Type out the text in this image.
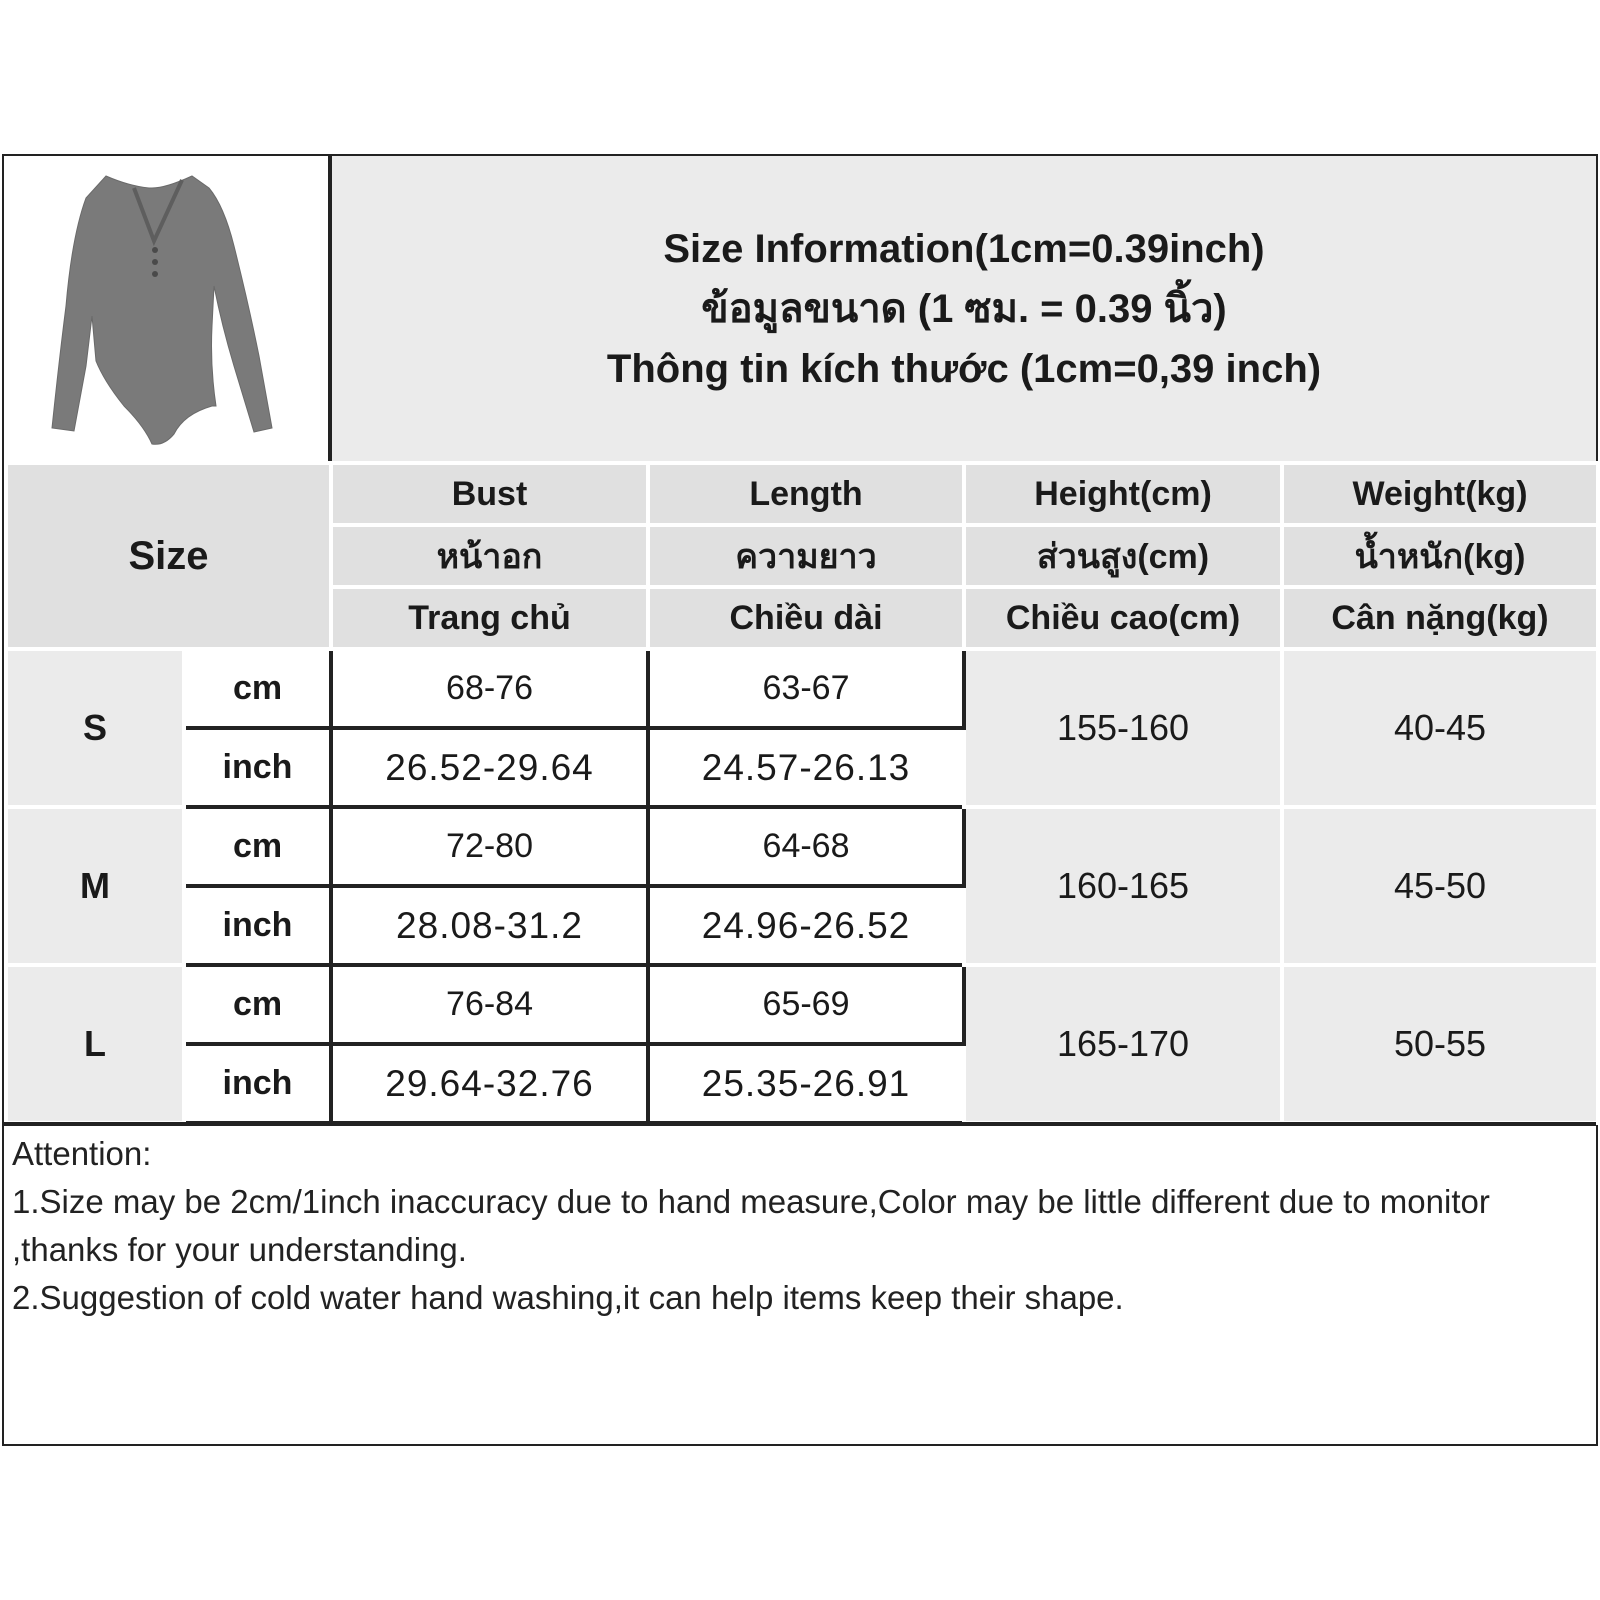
Size Information(1cm=0.39inch)
ข้อมูลขนาด (1 ซม. = 0.39 นิ้ว)
Thông tin kích thước (1cm=0,39 inch)
Size		Bust	Length	Height(cm)	Weight(kg)
		หน้าอก	ความยาว	ส่วนสูง(cm)	น้ำหนัก(kg)
		Trang chủ	Chiều dài	Chiều cao(cm)	Cân nặng(kg)
S	cm	68-76	63-67	155-160	40-45
	inch	26.52-29.64	24.57-26.13		
M	cm	72-80	64-68	160-165	45-50
	inch	28.08-31.2	24.96-26.52		
L	cm	76-84	65-69	165-170	50-55
	inch	29.64-32.76	25.35-26.91		

Attention:

1.Size may be 2cm/1inch inaccuracy due to hand measure,Color may be little different due to monitor ,thanks for your understanding.

2.Suggestion of cold water hand washing,it can help items keep their shape.
